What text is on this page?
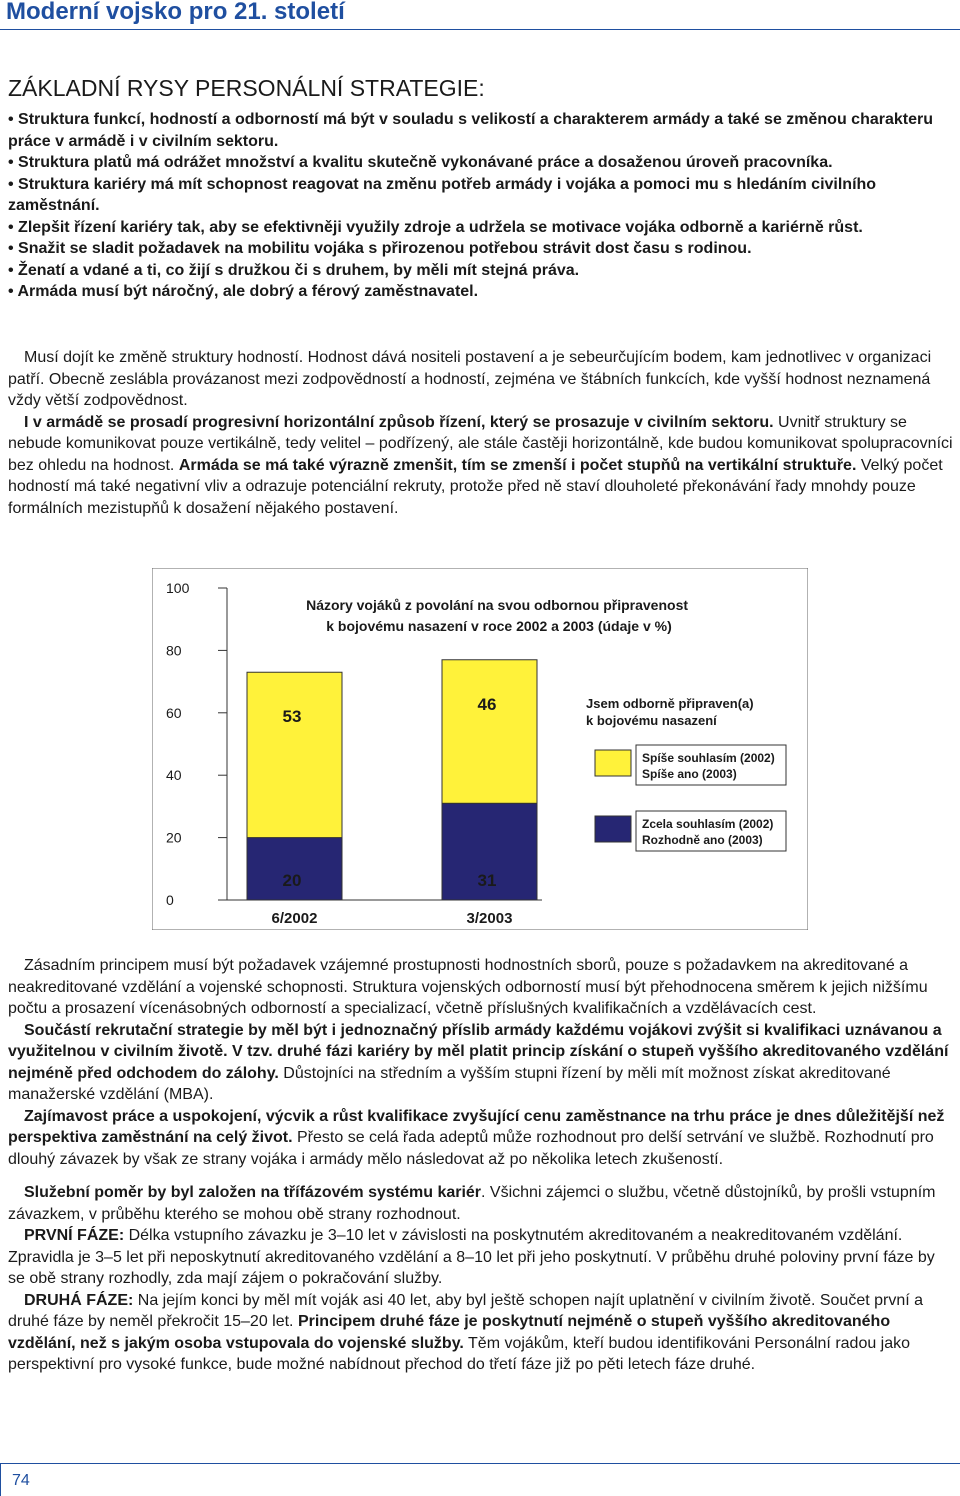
Moderní vojsko pro 21. století
ZÁKLADNÍ RYSY PERSONÁLNÍ STRATEGIE:

• Struktura funkcí, hodností a odborností má být v souladu s velikostí a charakterem armády a také se změnou charakteru práce v armádě i v civilním sektoru.

• Struktura platů má odrážet množství a kvalitu skutečně vykonávané práce a dosaženou úroveň pracovníka.

• Struktura kariéry má mít schopnost reagovat na změnu potřeb armády i vojáka a pomoci mu s hledáním civilního zaměstnání.

• Zlepšit řízení kariéry tak, aby se efektivněji využily zdroje a udržela se motivace vojáka odborně a kariérně růst.

• Snažit se sladit požadavek na mobilitu vojáka s přirozenou potřebou strávit dost času s rodinou.

• Ženatí a vdané a ti, co žijí s družkou či s druhem, by měli mít stejná práva.

• Armáda musí být náročný, ale dobrý a férový zaměstnavatel.

Musí dojít ke změně struktury hodností. Hodnost dává nositeli postavení a je sebeurčujícím bodem, kam jednotlivec v organizaci patří. Obecně zeslábla provázanost mezi zodpovědností a hodností, zejména ve štábních funkcích, kde vyšší hodnost neznamená vždy větší zodpovědnost.

I v armádě se prosadí progresivní horizontální způsob řízení, který se prosazuje v civilním sektoru. Uvnitř struktury se nebude komunikovat pouze vertikálně, tedy velitel – podřízený, ale stále častěji horizontálně, kde budou komunikovat spolupracovníci bez ohledu na hodnost. Armáda se má také výrazně zmenšit, tím se zmenší i počet stupňů na vertikální struktuře. Velký počet hodností má také negativní vliv a odrazuje potenciální rekruty, protože před ně staví dlouholeté překonávání řady mnohdy pouze formálních mezistupňů k dosažení nějakého postavení.

0
20
40
60
80
100
20
53
6/2002
31
46
3/2003
Názory vojáků z povolání na svou odbornou připravenost k bojovému nasazení v roce 2002 a 2003 (údaje v %)
Jsem odborně připraven(a)
k bojovému nasazení
Spíše souhlasím (2002)
Spíše ano (2003)
Zcela souhlasím (2002)
Rozhodně ano (2003)

Zásadním principem musí být požadavek vzájemné prostupnosti hodnostních sborů, pouze s požadavkem na akreditované a neakreditované vzdělání a vojenské schopnosti. Struktura vojenských odborností musí být přehodnocena směrem k jejich nižšímu počtu a prosazení vícenásobných odborností a specializací, včetně příslušných kvalifikačních a vzdělávacích cest.

Součástí rekrutační strategie by měl být i jednoznačný příslib armády každému vojákovi zvýšit si kvalifikaci uznávanou a využitelnou v civilním životě. V tzv. druhé fázi kariéry by měl platit princip získání o stupeň vyššího akreditovaného vzdělání nejméně před odchodem do zálohy. Důstojníci na středním a vyšším stupni řízení by měli mít možnost získat akreditované manažerské vzdělání (MBA).

Zajímavost práce a uspokojení, výcvik a růst kvalifikace zvyšující cenu zaměstnance na trhu práce je dnes důležitější než perspektiva zaměstnání na celý život. Přesto se celá řada adeptů může rozhodnout pro delší setrvání ve službě. Rozhodnutí pro dlouhý závazek by však ze strany vojáka i armády mělo následovat až po několika letech zkušeností.

Služební poměr by byl založen na třífázovém systému kariér. Všichni zájemci o službu, včetně důstojníků, by prošli vstupním závazkem, v průběhu kterého se mohou obě strany rozhodnout.

PRVNÍ FÁZE: Délka vstupního závazku je 3–10 let v závislosti na poskytnutém akreditovaném a neakreditovaném vzdělání. Zpravidla je 3–5 let při neposkytnutí akreditovaného vzdělání a 8–10 let při jeho poskytnutí. V průběhu druhé poloviny první fáze by se obě strany rozhodly, zda mají zájem o pokračování služby.

DRUHÁ FÁZE: Na jejím konci by měl mít voják asi 40 let, aby byl ještě schopen najít uplatnění v civilním životě. Součet první a druhé fáze by neměl překročit 15–20 let. Principem druhé fáze je poskytnutí nejméně o stupeň vyššího akreditovaného vzdělání, než s jakým osoba vstupovala do vojenské služby. Těm vojákům, kteří budou identifikováni Personální radou jako perspektivní pro vysoké funkce, bude možné nabídnout přechod do třetí fáze již po pěti letech fáze druhé.

74
